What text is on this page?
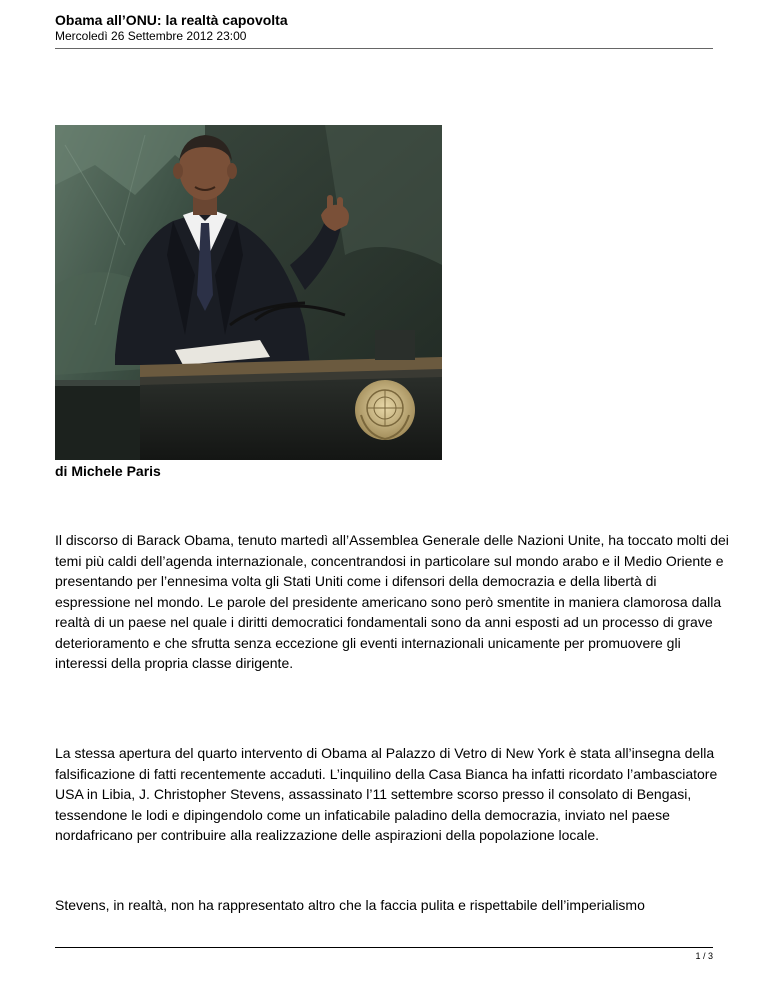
Obama all’ONU: la realtà capovolta

Mercoledì 26 Settembre 2012 23:00

di Michele Paris

Il discorso di Barack Obama, tenuto martedì all’Assemblea Generale delle Nazioni Unite, ha toccato molti dei temi più caldi dell’agenda internazionale, concentrandosi in particolare sul mondo arabo e il Medio Oriente e presentando per l’ennesima volta gli Stati Uniti come i difensori della democrazia e della libertà di espressione nel mondo. Le parole del presidente americano sono però smentite in maniera clamorosa dalla realtà di un paese nel quale i diritti democratici fondamentali sono da anni esposti ad un processo di grave deterioramento e che sfrutta senza eccezione gli eventi internazionali unicamente per promuovere gli interessi della propria classe dirigente.

La stessa apertura del quarto intervento di Obama al Palazzo di Vetro di New York è stata all’insegna della falsificazione di fatti recentemente accaduti. L’inquilino della Casa Bianca ha infatti ricordato l’ambasciatore USA in Libia, J. Christopher Stevens, assassinato l’11 settembre scorso presso il consolato di Bengasi, tessendone le lodi e dipingendolo come un infaticabile paladino della democrazia, inviato nel paese nordafricano per contribuire alla realizzazione delle aspirazioni della popolazione locale.

Stevens, in realtà, non ha rappresentato altro che la faccia pulita e rispettabile dell’imperialismo

1 / 3
